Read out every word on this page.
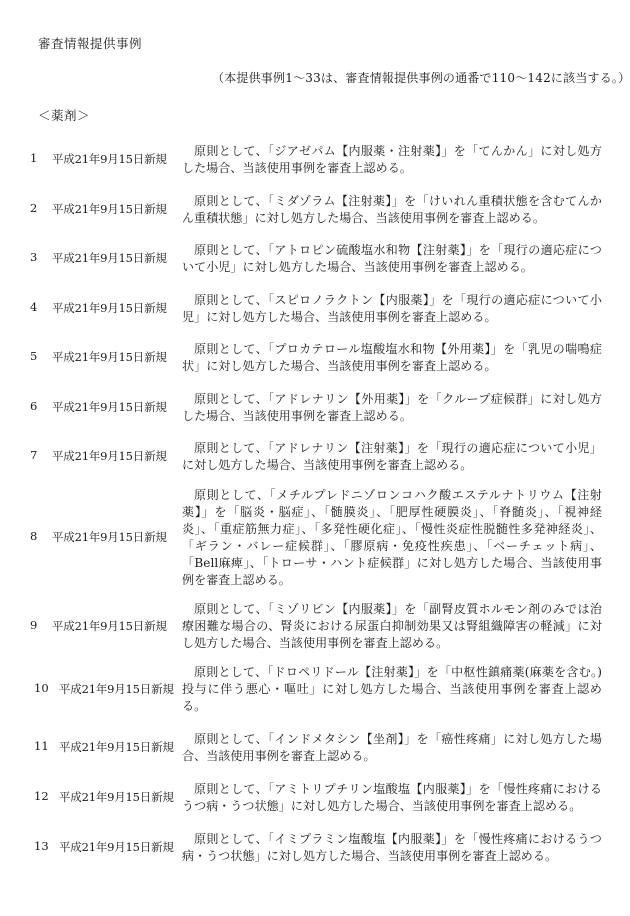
審査情報提供事例
（本提供事例1～33は、審査情報提供事例の通番で110～142に該当する。）
＜薬剤＞
1	平成21年9月15日新規
原則として、「ジアゼパム【内服薬・注射薬】」を「てんかん」に対し処方した場合、当該使用事例を審査上認める。
2	平成21年9月15日新規
原則として、「ミダゾラム【注射薬】」を「けいれん重積状態を含むてんかん重積状態」に対し処方した場合、当該使用事例を審査上認める。
3	平成21年9月15日新規
原則として、「アトロピン硫酸塩水和物【注射薬】」を「現行の適応症について小児」に対し処方した場合、当該使用事例を審査上認める。
4	平成21年9月15日新規
原則として、「スピロノラクトン【内服薬】」を「現行の適応症について小児」に対し処方した場合、当該使用事例を審査上認める。
5	平成21年9月15日新規
原則として、「プロカテロール塩酸塩水和物【外用薬】」を「乳児の喘鳴症状」に対し処方した場合、当該使用事例を審査上認める。
6	平成21年9月15日新規
原則として、「アドレナリン【外用薬】」を「クループ症候群」に対し処方した場合、当該使用事例を審査上認める。
7	平成21年9月15日新規
原則として、「アドレナリン【注射薬】」を「現行の適応症について小児」に対し処方した場合、当該使用事例を審査上認める。
8	平成21年9月15日新規
原則として、「メチルプレドニゾロンコハク酸エステルナトリウム【注射薬】」を「脳炎・脳症」、「髄膜炎」、「肥厚性硬膜炎」、「脊髄炎」、「視神経炎」、「重症筋無力症」、「多発性硬化症」、「慢性炎症性脱髄性多発神経炎」、「ギラン・バレー症候群」、「膠原病・免疫性疾患」、「ベーチェット病」、「Bell麻痺」、「トローサ・ハント症候群」に対し処方した場合、当該使用事例を審査上認める。
9	平成21年9月15日新規
原則として、「ミゾリビン【内服薬】」を「副腎皮質ホルモン剤のみでは治療困難な場合の、腎炎における尿蛋白抑制効果又は腎組織障害の軽減」に対し処方した場合、当該使用事例を審査上認める。
10 平成21年9月15日新規
原則として、「ドロペリドール【注射薬】」を「中枢性鎮痛薬(麻薬を含む。)投与に伴う悪心・嘔吐」に対し処方した場合、当該使用事例を審査上認める。
11 平成21年9月15日新規
原則として、「インドメタシン【坐剤】」を「癌性疼痛」に対し処方した場合、当該使用事例を審査上認める。
12 平成21年9月15日新規
原則として、「アミトリプチリン塩酸塩【内服薬】」を「慢性疼痛におけるうつ病・うつ状態」に対し処方した場合、当該使用事例を審査上認める。
13 平成21年9月15日新規
原則として、「イミプラミン塩酸塩【内服薬】」を「慢性疼痛におけるうつ病・うつ状態」に対し処方した場合、当該使用事例を審査上認める。
